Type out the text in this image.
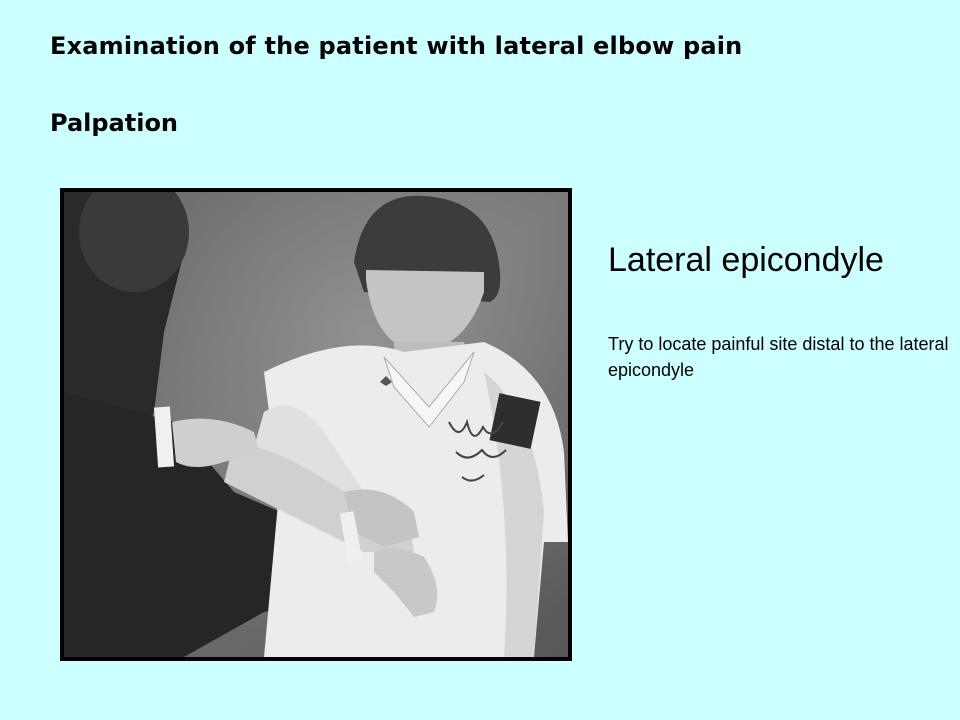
Examination of the patient with lateral elbow pain
Palpation
Lateral epicondyle
Try to locate painful site distal to the lateral epicondyle
